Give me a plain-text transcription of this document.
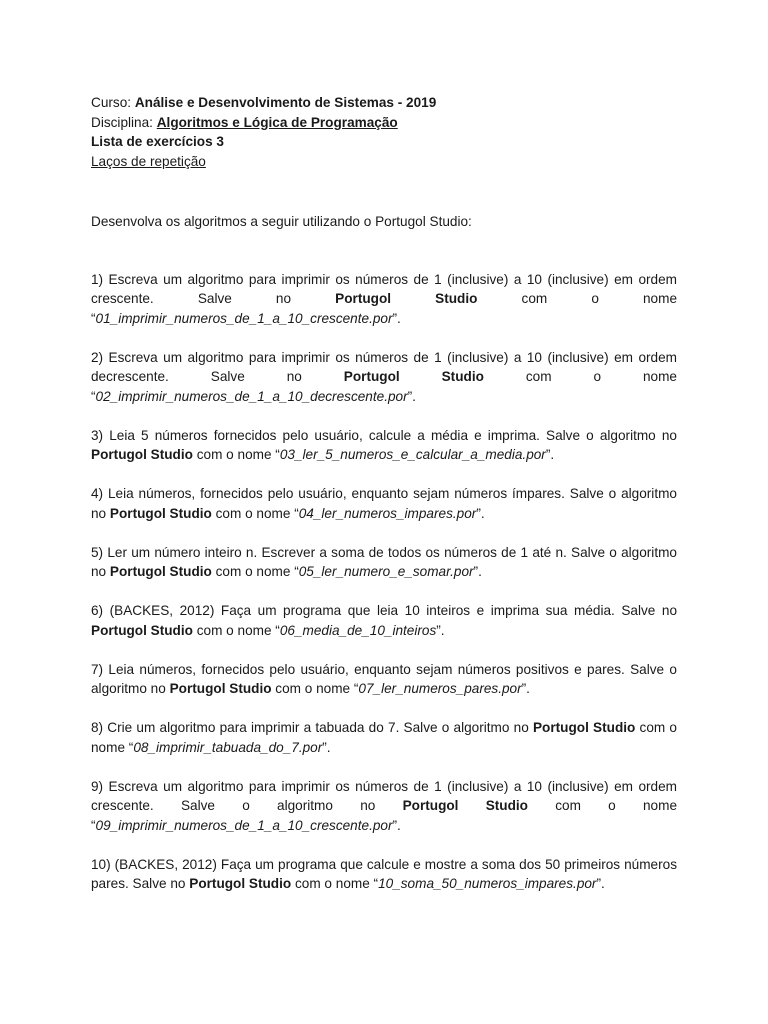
Curso: Análise e Desenvolvimento de Sistemas - 2019
Disciplina: Algoritmos e Lógica de Programação
Lista de exercícios 3
Laços de repetição
Desenvolva os algoritmos a seguir utilizando o Portugol Studio:

1) Escreva um algoritmo para imprimir os números de 1 (inclusive) a 10 (inclusive) em ordem crescente. Salve no Portugol Studio com o nome “01_imprimir_numeros_de_1_a_10_crescente.por”.

2) Escreva um algoritmo para imprimir os números de 1 (inclusive) a 10 (inclusive) em ordem decrescente. Salve no Portugol Studio com o nome “02_imprimir_numeros_de_1_a_10_decrescente.por”.

3) Leia 5 números fornecidos pelo usuário, calcule a média e imprima. Salve o algoritmo no Portugol Studio com o nome “03_ler_5_numeros_e_calcular_a_media.por”.

4) Leia números, fornecidos pelo usuário, enquanto sejam números ímpares. Salve o algoritmo no Portugol Studio com o nome “04_ler_numeros_impares.por”.

5) Ler um número inteiro n. Escrever a soma de todos os números de 1 até n. Salve o algoritmo no Portugol Studio com o nome “05_ler_numero_e_somar.por”.

6) (BACKES, 2012) Faça um programa que leia 10 inteiros e imprima sua média. Salve no Portugol Studio com o nome “06_media_de_10_inteiros”.

7) Leia números, fornecidos pelo usuário, enquanto sejam números positivos e pares. Salve o algoritmo no Portugol Studio com o nome “07_ler_numeros_pares.por”.

8) Crie um algoritmo para imprimir a tabuada do 7. Salve o algoritmo no Portugol Studio com o nome “08_imprimir_tabuada_do_7.por”.

9) Escreva um algoritmo para imprimir os números de 1 (inclusive) a 10 (inclusive) em ordem crescente. Salve o algoritmo no Portugol Studio com o nome “09_imprimir_numeros_de_1_a_10_crescente.por”.

10) (BACKES, 2012) Faça um programa que calcule e mostre a soma dos 50 primeiros números pares. Salve no Portugol Studio com o nome “10_soma_50_numeros_impares.por”.
